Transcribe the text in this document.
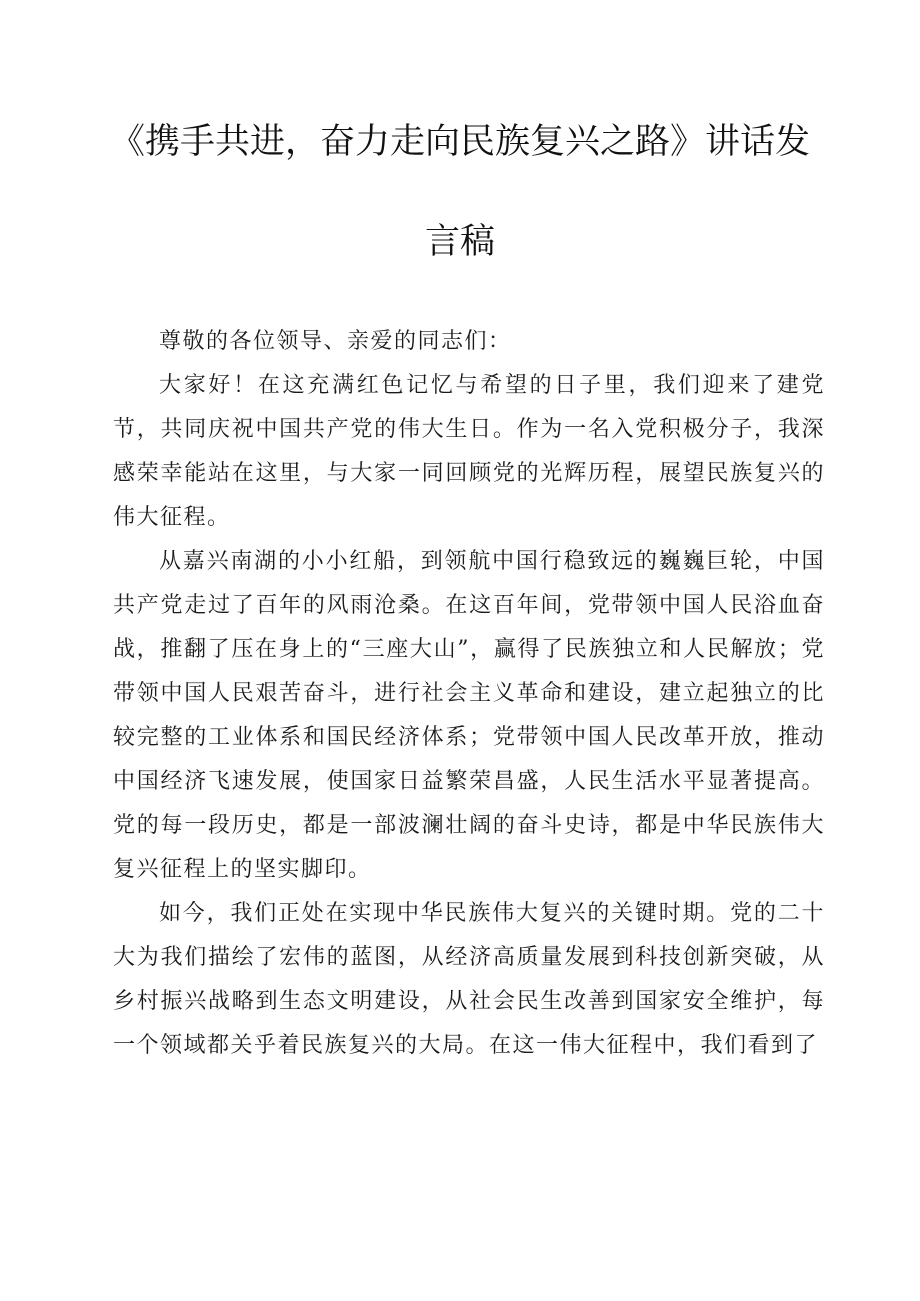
《携手共进，奋力走向民族复兴之路》讲话发
言稿

尊敬的各位领导、亲爱的同志们：

大家好！在这充满红色记忆与希望的日子里，我们迎来了建党节，共同庆祝中国共产党的伟大生日。作为一名入党积极分子，我深感荣幸能站在这里，与大家一同回顾党的光辉历程，展望民族复兴的伟大征程。

从嘉兴南湖的小小红船，到领航中国行稳致远的巍巍巨轮，中国共产党走过了百年的风雨沧桑。在这百年间，党带领中国人民浴血奋战，推翻了压在身上的“三座大山”，赢得了民族独立和人民解放；党带领中国人民艰苦奋斗，进行社会主义革命和建设，建立起独立的比较完整的工业体系和国民经济体系；党带领中国人民改革开放，推动中国经济飞速发展，使国家日益繁荣昌盛，人民生活水平显著提高。党的每一段历史，都是一部波澜壮阔的奋斗史诗，都是中华民族伟大复兴征程上的坚实脚印。

如今，我们正处在实现中华民族伟大复兴的关键时期。党的二十大为我们描绘了宏伟的蓝图，从经济高质量发展到科技创新突破，从乡村振兴战略到生态文明建设，从社会民生改善到国家安全维护，每一个领域都关乎着民族复兴的大局。在这一伟大征程中，我们看到了
